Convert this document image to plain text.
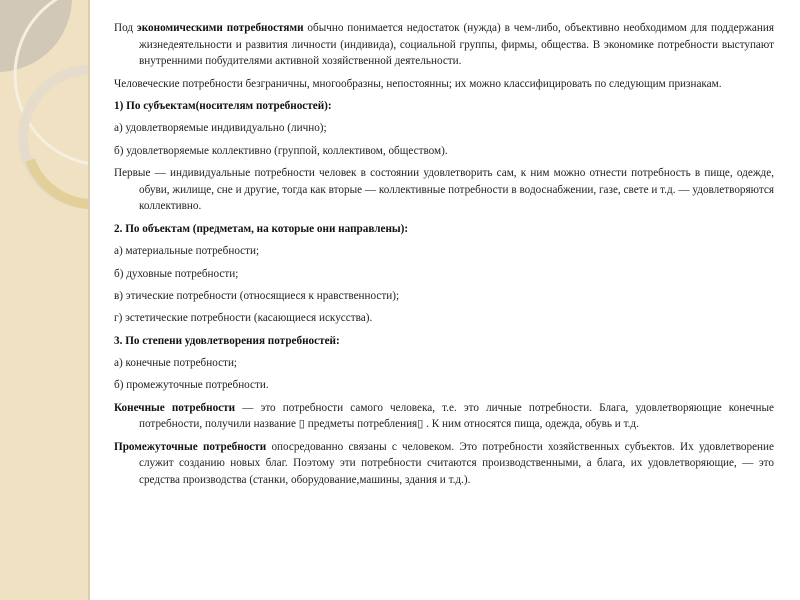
Под экономическими потребностями обычно понимается недостаток (нужда) в чем-либо, объективно необходимом для поддержания жизнедеятельности и развития личности (индивида), социальной группы, фирмы, общества. В экономике потребности выступают внутренними побудителями активной хозяйственной деятельности.

Человеческие потребности безграничны, многообразны, непостоянны; их можно классифицировать по следующим признакам.

1) По субъектам(носителям потребностей):

а) удовлетворяемые индивидуально (лично);

б) удовлетворяемые коллективно (группой, коллективом, обществом).

Первые — индивидуальные потребности человек в состоянии удовлетворить сам, к ним можно отнести потребность в пище, одежде, обуви, жилище, сне и другие, тогда как вторые — коллективные потребности в водоснабжении, газе, свете и т.д. — удовлетворяются коллективно.

2. По объектам (предметам, на которые они направлены):

а) материальные потребности;

б) духовные потребности;

в) этические потребности (относящиеся к нравственности);

г) эстетические потребности (касающиеся искусства).

3. По степени удовлетворения потребностей:

а) конечные потребности;

б) промежуточные потребности.

Конечные потребности — это потребности самого человека, т.е. это личные потребности. Блага, удовлетворяющие конечные потребности, получили название ▯ предметы потребления▯ . К ним относятся пища, одежда, обувь и т.д.

Промежуточные потребности опосредованно связаны с человеком. Это потребности хозяйственных субъектов. Их удовлетворение служит созданию новых благ. Поэтому эти потребности считаются производственными, а блага, их удовлетворяющие, — это средства производства (станки, оборудование,машины, здания и т.д.).
